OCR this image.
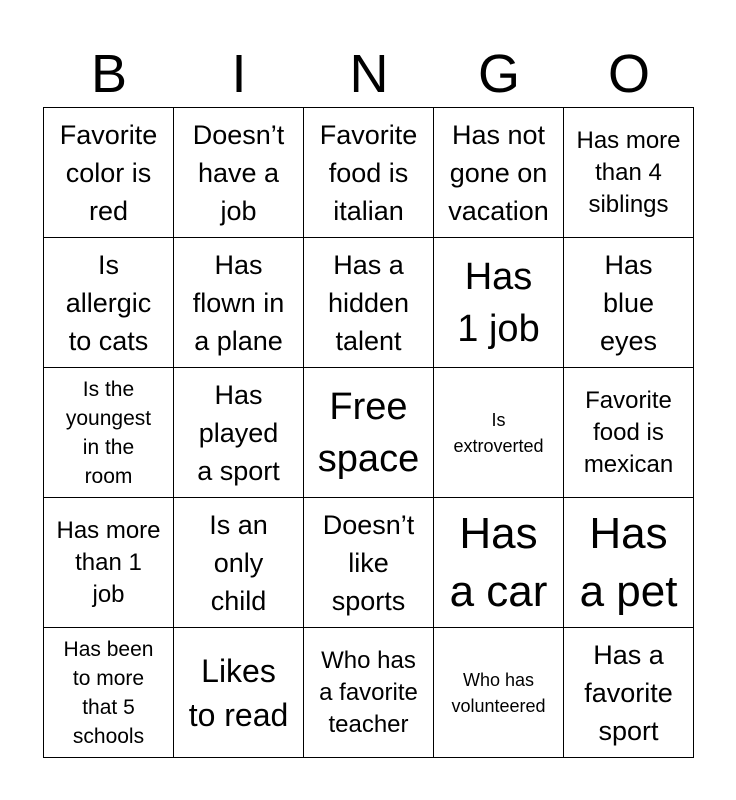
B	I	N	G	O
Favorite
color is
red
Doesn’t
have a
job
Favorite
food is
italian
Has not
gone on
vacation
Has more
than 4
siblings
Is
allergic
to cats
Has
flown in
a plane
Has a
hidden
talent
Has
1 job
Has
blue
eyes
Is the
youngest
in the
room
Has
played
a sport
Free
space
Is
extroverted
Favorite
food is
mexican
Has more
than 1
job
Is an
only
child
Doesn’t
like
sports
Has
a car
Has
a pet
Has been
to more
that 5
schools
Likes
to read
Who has
a favorite
teacher
Who has
volunteered
Has a
favorite
sport
